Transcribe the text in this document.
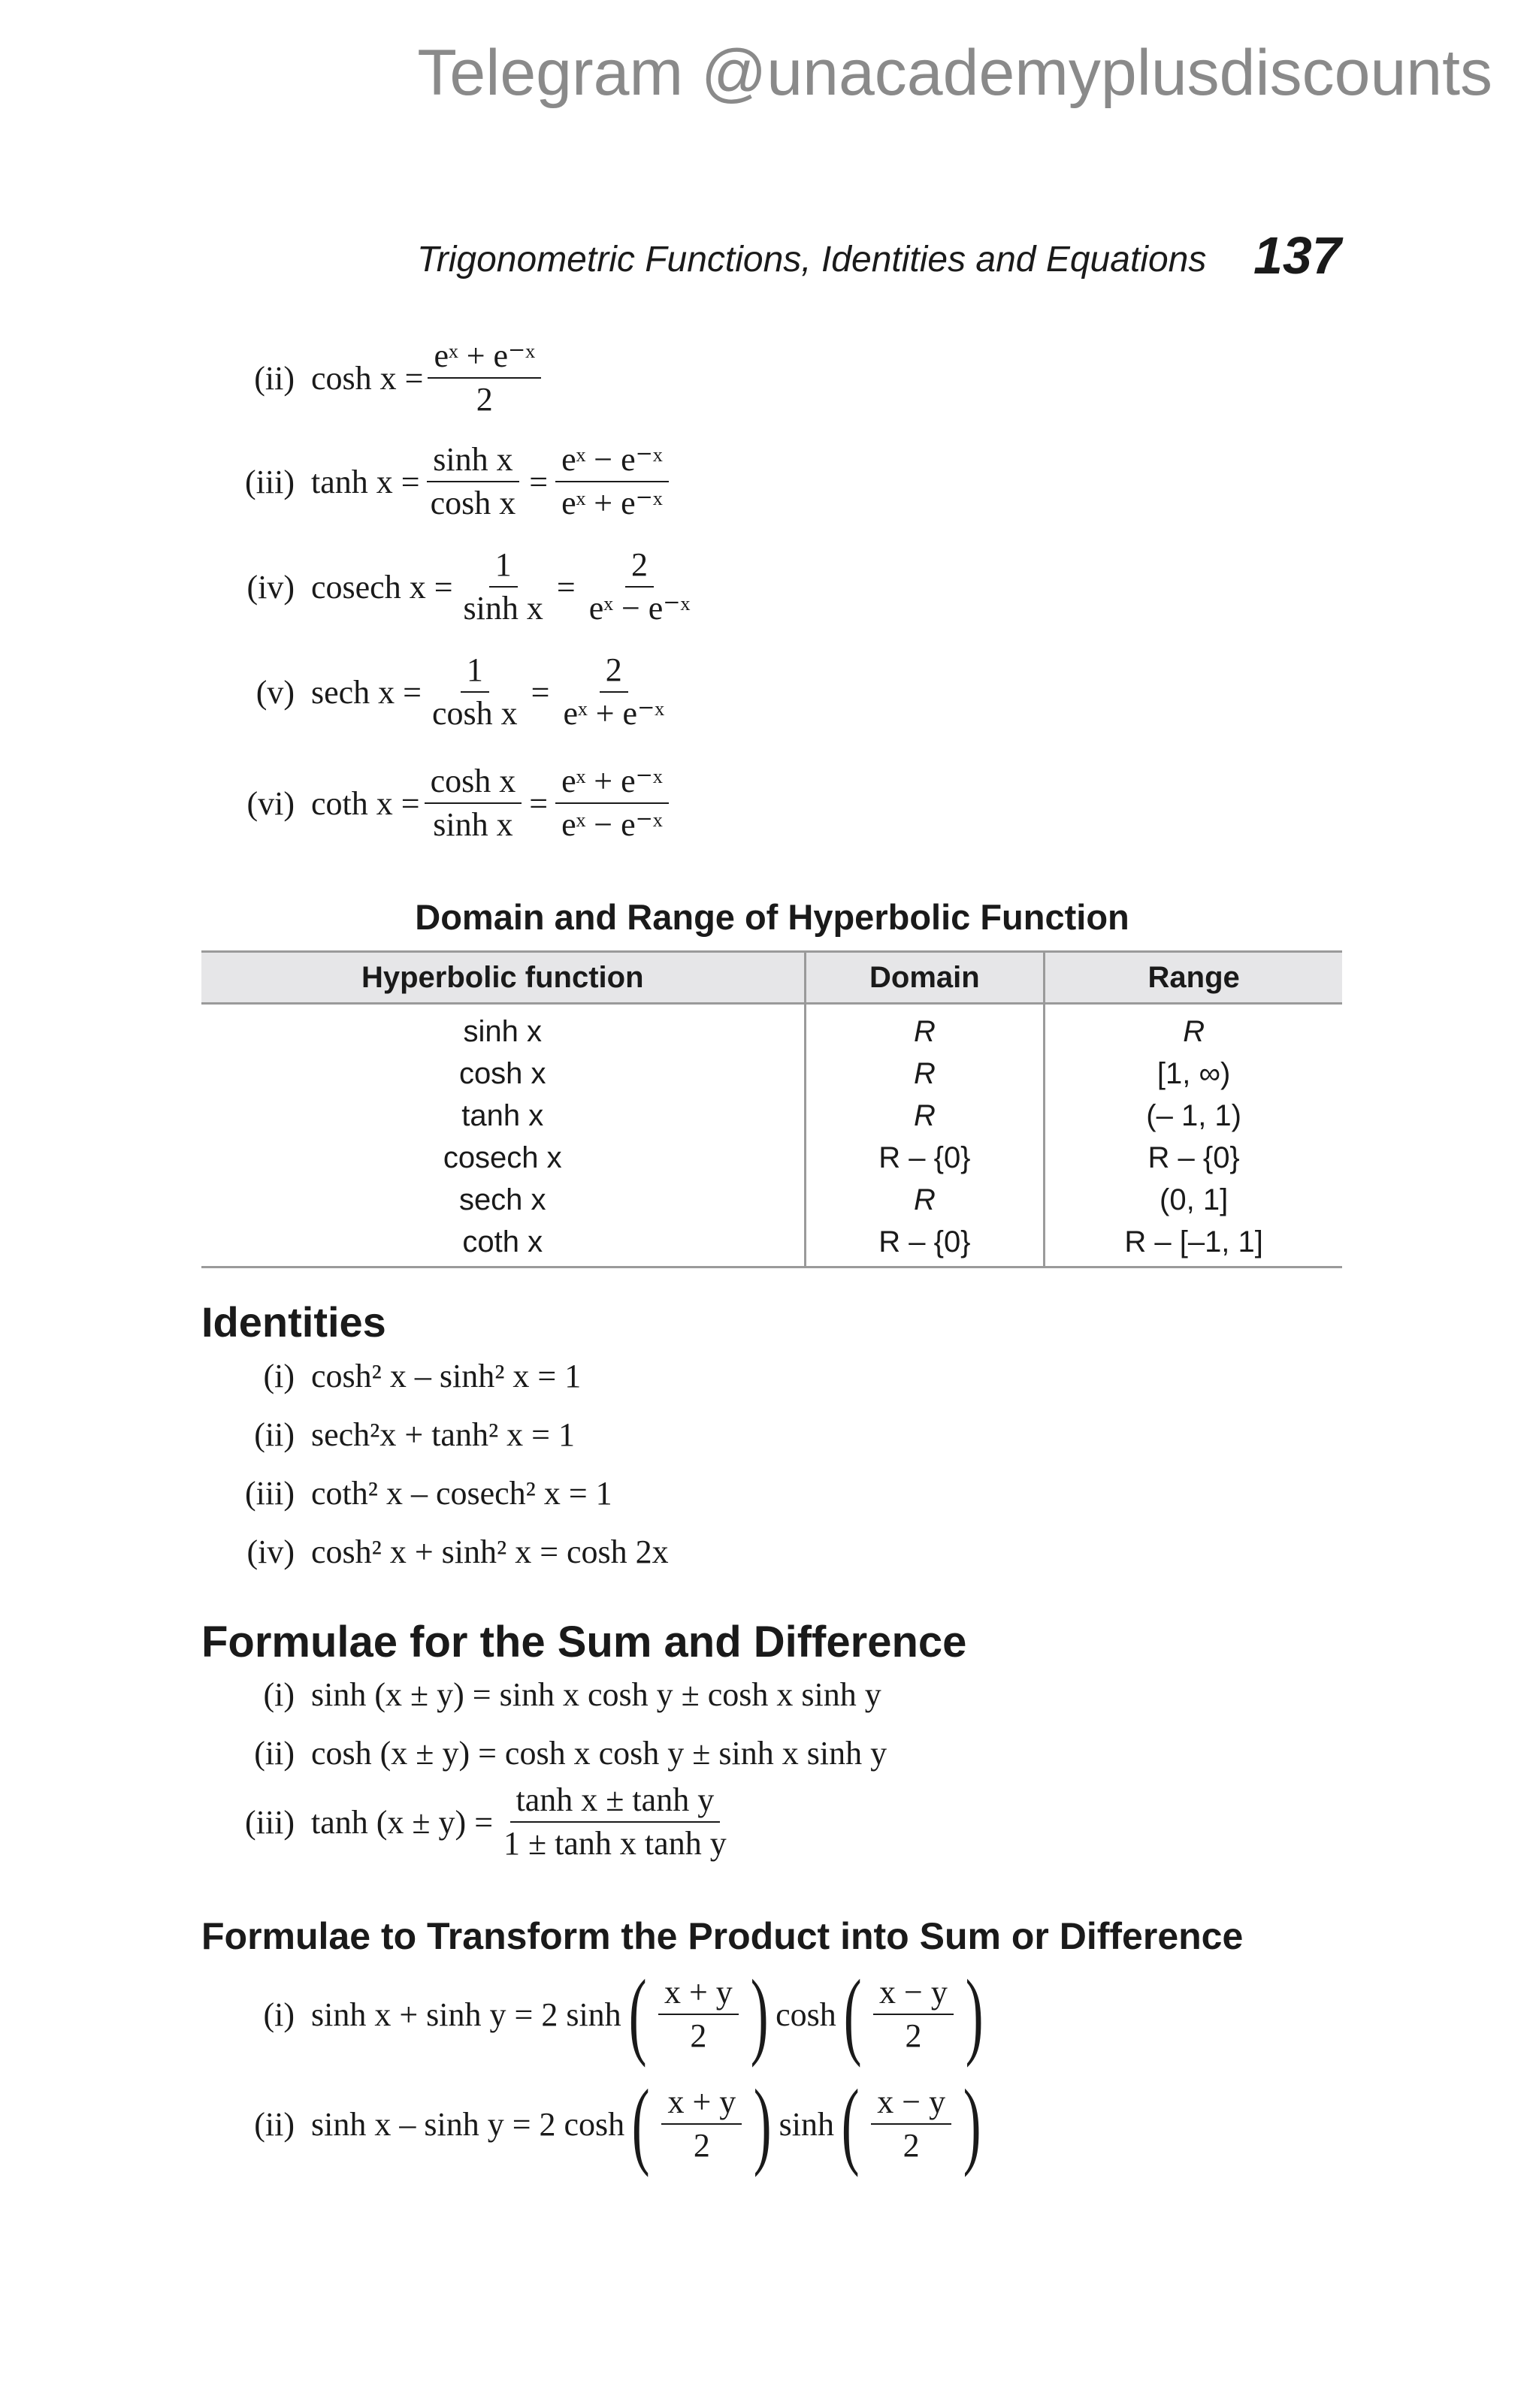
Telegram @unacademyplusdiscounts
Trigonometric Functions, Identities and Equations 137
(ii) $\cosh x = \frac{\text{eˣ + e⁻ˣ}}{2}$
(iii) $\tanh x = \frac{\text{sinh x}}{\text{cosh x}} = \frac{\text{eˣ − e⁻ˣ}}{\text{eˣ + e⁻ˣ}}$
(iv) cosech $x = \frac{1}{\text{sinh x}} = \frac{2}{\text{eˣ − e⁻ˣ}}$
(v) sech $x = \frac{1}{\text{cosh x}} = \frac{2}{\text{eˣ + e⁻ˣ}}$
(vi) coth $x = \frac{\text{cosh x}}{\text{sinh x}} = \frac{\text{eˣ + e⁻ˣ}}{\text{eˣ − e⁻ˣ}}$
Domain and Range of Hyperbolic Function
Hyperbolic function	Domain	Range
sinh x	R	R
cosh x	R	[1, ∞)
tanh x	R	(– 1, 1)
cosech x	R – {0}	R – {0}
sech x	R	(0, 1]
coth x	R – {0}	R – [–1, 1]
Identities
(i) cosh² x – sinh² x = 1
(ii) sech²x + tanh² x = 1
(iii) coth² x – cosech² x = 1
(iv) cosh² x + sinh² x = cosh 2x
Formulae for the Sum and Difference
(i) sinh (x ± y) = sinh x cosh y ± cosh x sinh y
(ii) cosh (x ± y) = cosh x cosh y ± sinh x sinh y
(iii) $\tanh (x \pm y) = \frac{\text{tanh x ± tanh y}}{\text{1 ± tanh x tanh y}}$
Formulae to Transform the Product into Sum or Difference
(i) sinh x + sinh y = 2 sinh ( $\frac{x + y}{2}$ ) cosh ( $\frac{x - y}{2}$ )
(ii) sinh x – sinh y = 2 cosh ( $\frac{x + y}{2}$ ) sinh ( $\frac{x - y}{2}$ )
